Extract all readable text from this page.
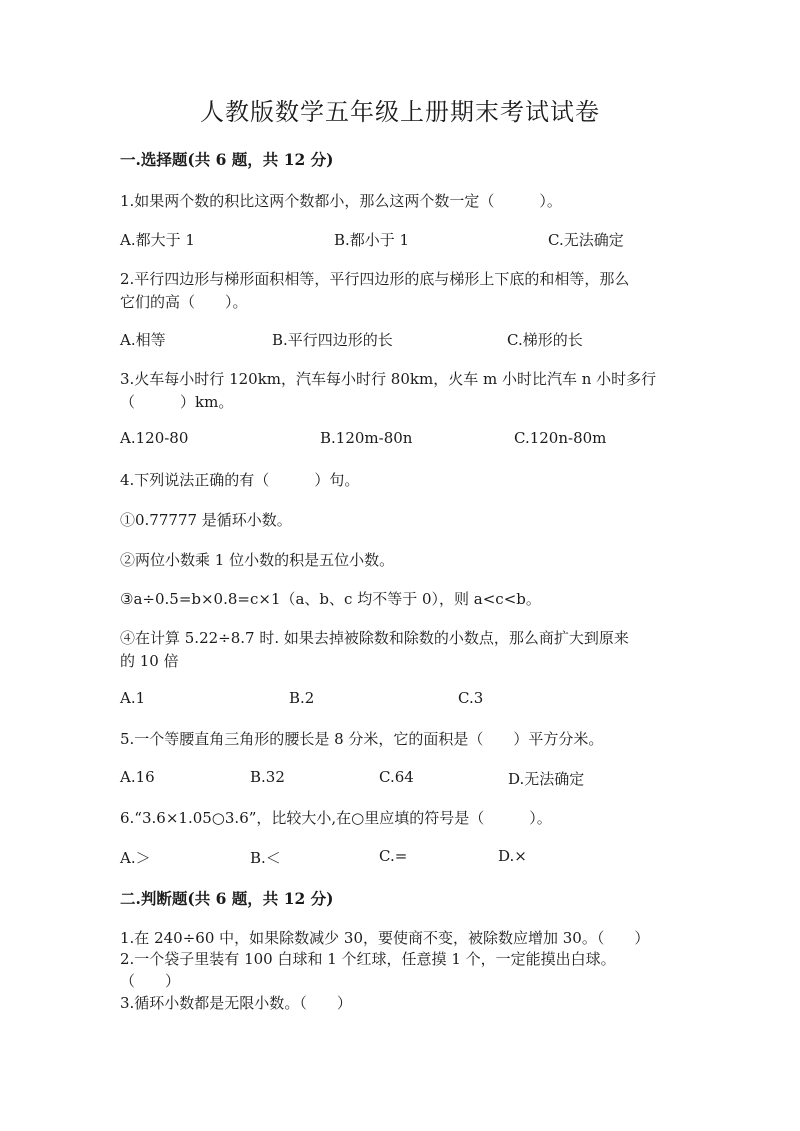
人教版数学五年级上册期末考试试卷
一.选择题(共 6 题，共 12 分)
1.如果两个数的积比这两个数都小，那么这两个数一定（　　　）。
A.都大于 1	B.都小于 1	C.无法确定
2.平行四边形与梯形面积相等，平行四边形的底与梯形上下底的和相等，那么
它们的高（　　）。
A.相等	B.平行四边形的长	C.梯形的长
3.火车每小时行 120km，汽车每小时行 80km，火车 m 小时比汽车 n 小时多行
（　　　）km。
A.120-80	B.120m-80n	C.120n-80m
4.下列说法正确的有（　　　）句。
①0.77777 是循环小数。
②两位小数乘 1 位小数的积是五位小数。
③a÷0.5=b×0.8=c×1（a、b、c 均不等于 0），则 a<c<b。
④在计算 5.22÷8.7 时. 如果去掉被除数和除数的小数点，那么商扩大到原来
的 10 倍
A.1	B.2	C.3
5.一个等腰直角三角形的腰长是 8 分米，它的面积是（　　）平方分米。
A.16	B.32	C.64	D.无法确定
6.“3.6×1.05○3.6”，比较大小,在○里应填的符号是（　　　）。
A.＞	B.＜	C.=	D.×
二.判断题(共 6 题，共 12 分)
1.在 240÷60 中，如果除数减少 30，要使商不变，被除数应增加 30。（　　）
2.一个袋子里装有 100 白球和 1 个红球，任意摸 1 个，一定能摸出白球。
（　　）
3.循环小数都是无限小数。（　　）
